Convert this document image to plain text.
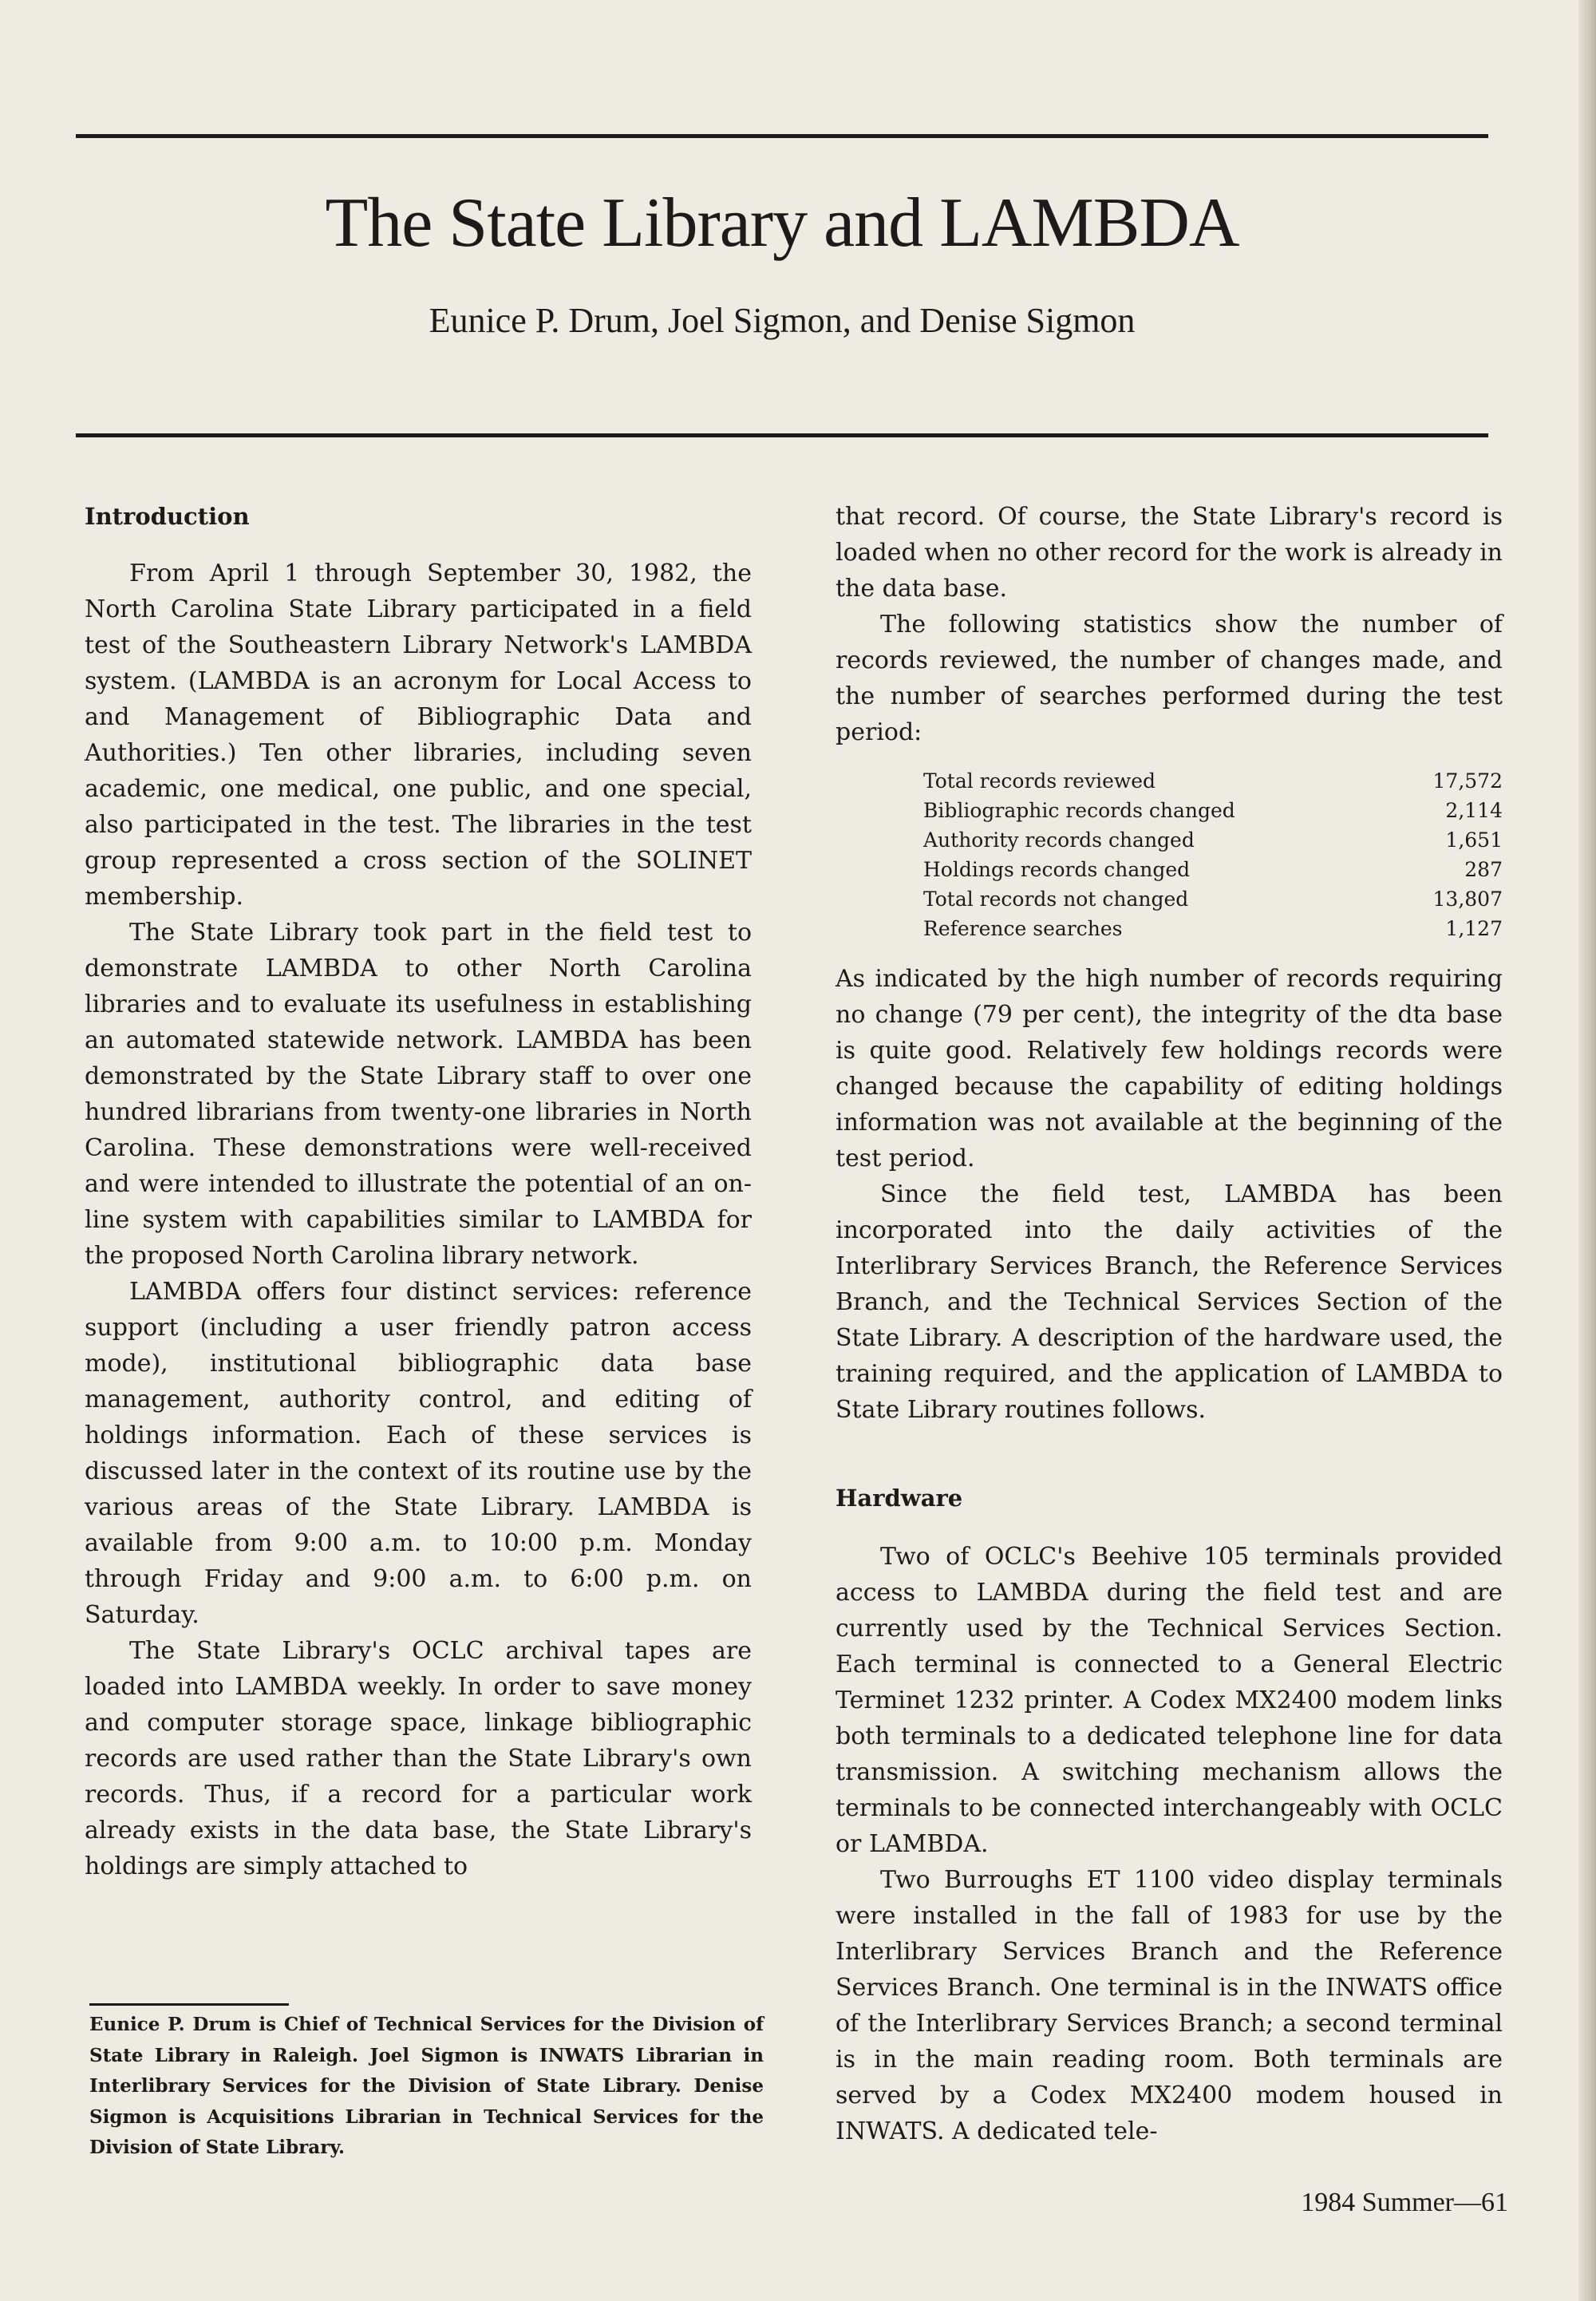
The State Library and LAMBDA

Eunice P. Drum, Joel Sigmon, and Denise Sigmon

Introduction

From April 1 through September 30, 1982, the North Carolina State Library participated in a field test of the Southeastern Library Network's LAMBDA system. (LAMBDA is an acronym for Local Access to and Management of Bibliographic Data and Authorities.) Ten other libraries, including seven academic, one medical, one public, and one special, also participated in the test. The libraries in the test group represented a cross section of the SOLINET membership.

The State Library took part in the field test to demonstrate LAMBDA to other North Carolina libraries and to evaluate its usefulness in establishing an automated statewide network. LAMBDA has been demonstrated by the State Library staff to over one hundred librarians from twenty-one libraries in North Carolina. These demonstrations were well-received and were intended to illustrate the potential of an on-line system with capabilities similar to LAMBDA for the proposed North Carolina library network.

LAMBDA offers four distinct services: reference support (including a user friendly patron access mode), institutional bibliographic data base management, authority control, and editing of holdings information. Each of these services is discussed later in the context of its routine use by the various areas of the State Library. LAMBDA is available from 9:00 a.m. to 10:00 p.m. Monday through Friday and 9:00 a.m. to 6:00 p.m. on Saturday.

The State Library's OCLC archival tapes are loaded into LAMBDA weekly. In order to save money and computer storage space, linkage bibliographic records are used rather than the State Library's own records. Thus, if a record for a particular work already exists in the data base, the State Library's holdings are simply attached to

that record. Of course, the State Library's record is loaded when no other record for the work is already in the data base.

The following statistics show the number of records reviewed, the number of changes made, and the number of searches performed during the test period:

Total records reviewed	17,572
Bibliographic records changed	2,114
Authority records changed	1,651
Holdings records changed	287
Total records not changed	13,807
Reference searches	1,127

As indicated by the high number of records requiring no change (79 per cent), the integrity of the dta base is quite good. Relatively few holdings records were changed because the capability of editing holdings information was not available at the beginning of the test period.

Since the field test, LAMBDA has been incorporated into the daily activities of the Interlibrary Services Branch, the Reference Services Branch, and the Technical Services Section of the State Library. A description of the hardware used, the training required, and the application of LAMBDA to State Library routines follows.

Hardware

Two of OCLC's Beehive 105 terminals provided access to LAMBDA during the field test and are currently used by the Technical Services Section. Each terminal is connected to a General Electric Terminet 1232 printer. A Codex MX2400 modem links both terminals to a dedicated telephone line for data transmission. A switching mechanism allows the terminals to be connected interchangeably with OCLC or LAMBDA.

Two Burroughs ET 1100 video display terminals were installed in the fall of 1983 for use by the Interlibrary Services Branch and the Reference Services Branch. One terminal is in the INWATS office of the Interlibrary Services Branch; a second terminal is in the main reading room. Both terminals are served by a Codex MX2400 modem housed in INWATS. A dedicated tele-

Eunice P. Drum is Chief of Technical Services for the Division of State Library in Raleigh. Joel Sigmon is INWATS Librarian in Interlibrary Services for the Division of State Library. Denise Sigmon is Acquisitions Librarian in Technical Services for the Division of State Library.

1984 Summer—61
